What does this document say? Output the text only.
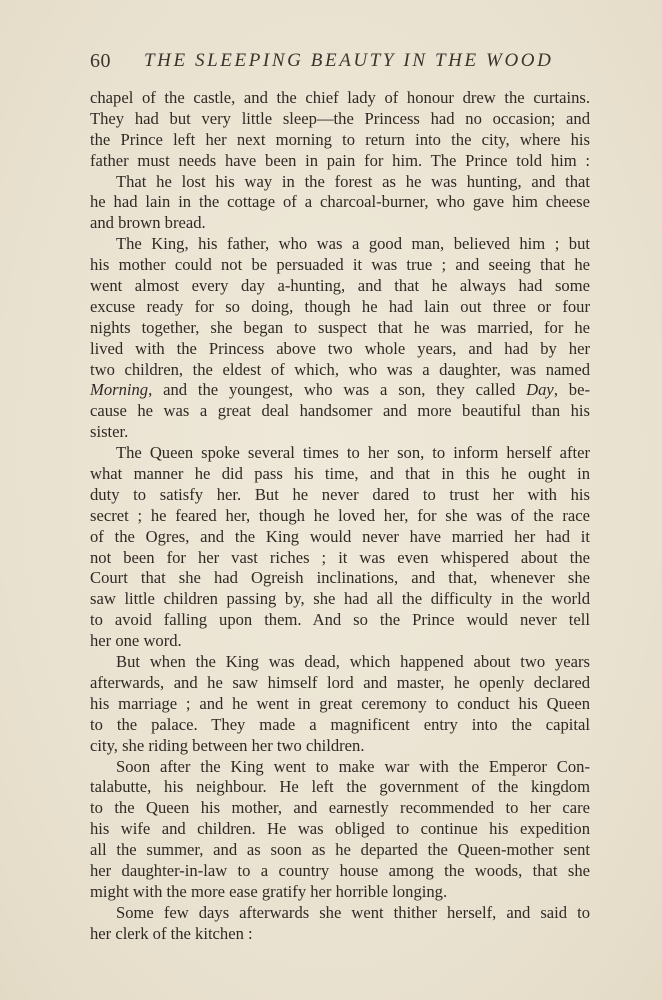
60 THE SLEEPING BEAUTY IN THE WOOD
chapel of the castle, and the chief lady of honour drew the curtains.
They had but very little sleep—the Princess had no occasion; and
the Prince left her next morning to return into the city, where his
father must needs have been in pain for him. The Prince told him :
That he lost his way in the forest as he was hunting, and that
he had lain in the cottage of a charcoal-burner, who gave him cheese
and brown bread.
The King, his father, who was a good man, believed him ; but
his mother could not be persuaded it was true ; and seeing that he
went almost every day a-hunting, and that he always had some
excuse ready for so doing, though he had lain out three or four
nights together, she began to suspect that he was married, for he
lived with the Princess above two whole years, and had by her
two children, the eldest of which, who was a daughter, was named
Morning, and the youngest, who was a son, they called Day, be-
cause he was a great deal handsomer and more beautiful than his
sister.
The Queen spoke several times to her son, to inform herself after
what manner he did pass his time, and that in this he ought in
duty to satisfy her. But he never dared to trust her with his
secret ; he feared her, though he loved her, for she was of the race
of the Ogres, and the King would never have married her had it
not been for her vast riches ; it was even whispered about the
Court that she had Ogreish inclinations, and that, whenever she
saw little children passing by, she had all the difficulty in the world
to avoid falling upon them. And so the Prince would never tell
her one word.
But when the King was dead, which happened about two years
afterwards, and he saw himself lord and master, he openly declared
his marriage ; and he went in great ceremony to conduct his Queen
to the palace. They made a magnificent entry into the capital
city, she riding between her two children.
Soon after the King went to make war with the Emperor Con-
talabutte, his neighbour. He left the government of the kingdom
to the Queen his mother, and earnestly recommended to her care
his wife and children. He was obliged to continue his expedition
all the summer, and as soon as he departed the Queen-mother sent
her daughter-in-law to a country house among the woods, that she
might with the more ease gratify her horrible longing.
Some few days afterwards she went thither herself, and said to
her clerk of the kitchen :
